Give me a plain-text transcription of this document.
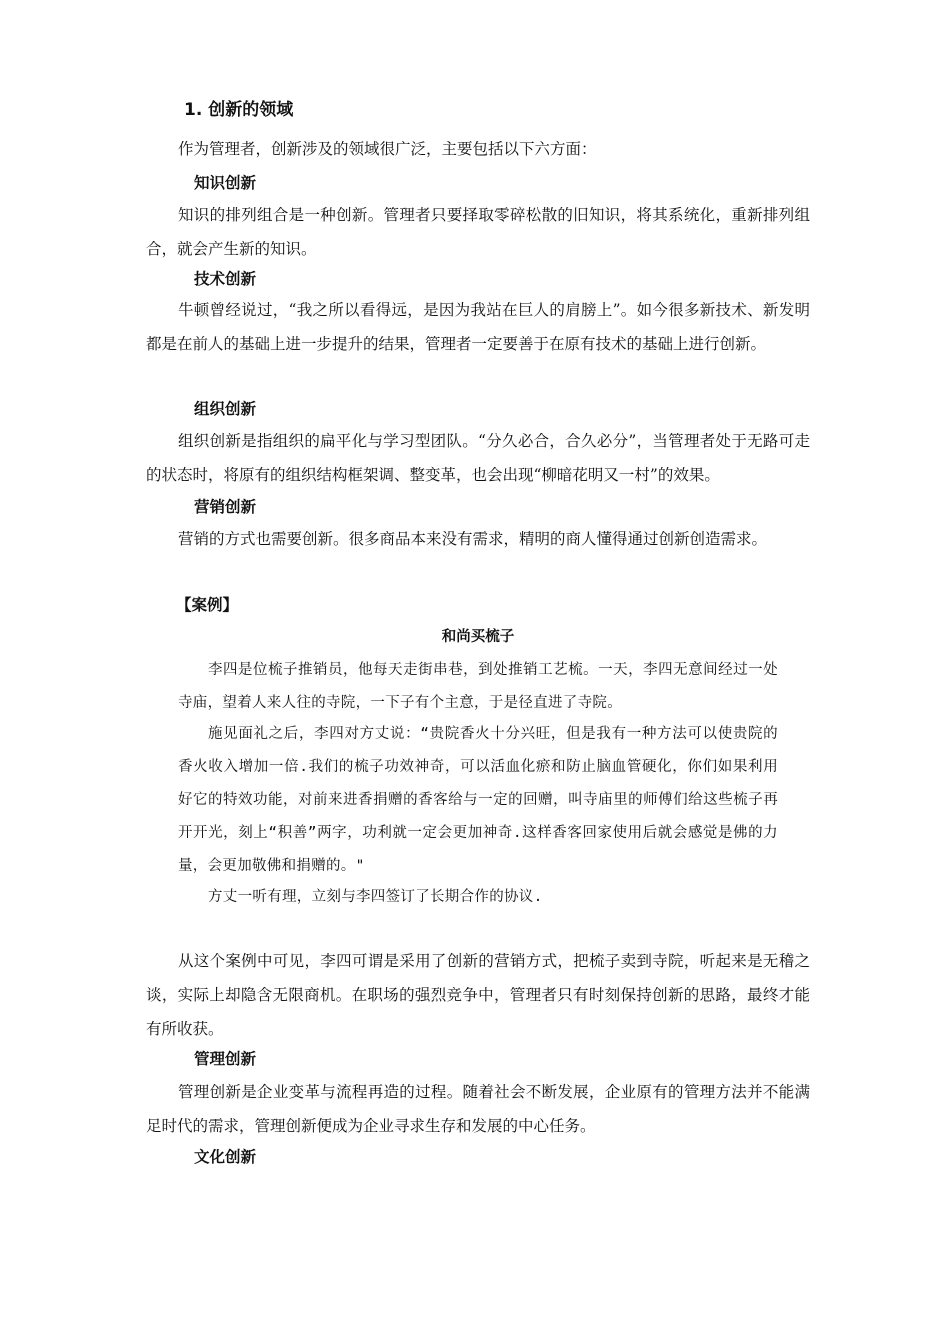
1. 创新的领域
作为管理者，创新涉及的领域很广泛，主要包括以下六方面：
知识创新
知识的排列组合是一种创新。管理者只要择取零碎松散的旧知识，将其系统化，重新排列组合，就会产生新的知识。
技术创新
牛顿曾经说过，“我之所以看得远，是因为我站在巨人的肩膀上”。如今很多新技术、新发明都是在前人的基础上进一步提升的结果，管理者一定要善于在原有技术的基础上进行创新。
组织创新
组织创新是指组织的扁平化与学习型团队。“分久必合，合久必分”，当管理者处于无路可走的状态时，将原有的组织结构框架调、整变革，也会出现“柳暗花明又一村”的效果。
营销创新
营销的方式也需要创新。很多商品本来没有需求，精明的商人懂得通过创新创造需求。
【案例】
和尚买梳子
李四是位梳子推销员，他每天走街串巷，到处推销工艺梳。一天，李四无意间经过一处寺庙，望着人来人往的寺院，一下子有个主意，于是径直进了寺院。
施见面礼之后，李四对方丈说：“贵院香火十分兴旺，但是我有一种方法可以使贵院的香火收入增加一倍.我们的梳子功效神奇，可以活血化瘀和防止脑血管硬化，你们如果利用好它的特效功能，对前来进香捐赠的香客给与一定的回赠，叫寺庙里的师傅们给这些梳子再开开光，刻上“积善”两字，功利就一定会更加神奇.这样香客回家使用后就会感觉是佛的力量，会更加敬佛和捐赠的。"
方丈一听有理，立刻与李四签订了长期合作的协议.
从这个案例中可见，李四可谓是采用了创新的营销方式，把梳子卖到寺院，听起来是无稽之谈，实际上却隐含无限商机。在职场的强烈竞争中，管理者只有时刻保持创新的思路，最终才能有所收获。
管理创新
管理创新是企业变革与流程再造的过程。随着社会不断发展，企业原有的管理方法并不能满足时代的需求，管理创新便成为企业寻求生存和发展的中心任务。
文化创新
